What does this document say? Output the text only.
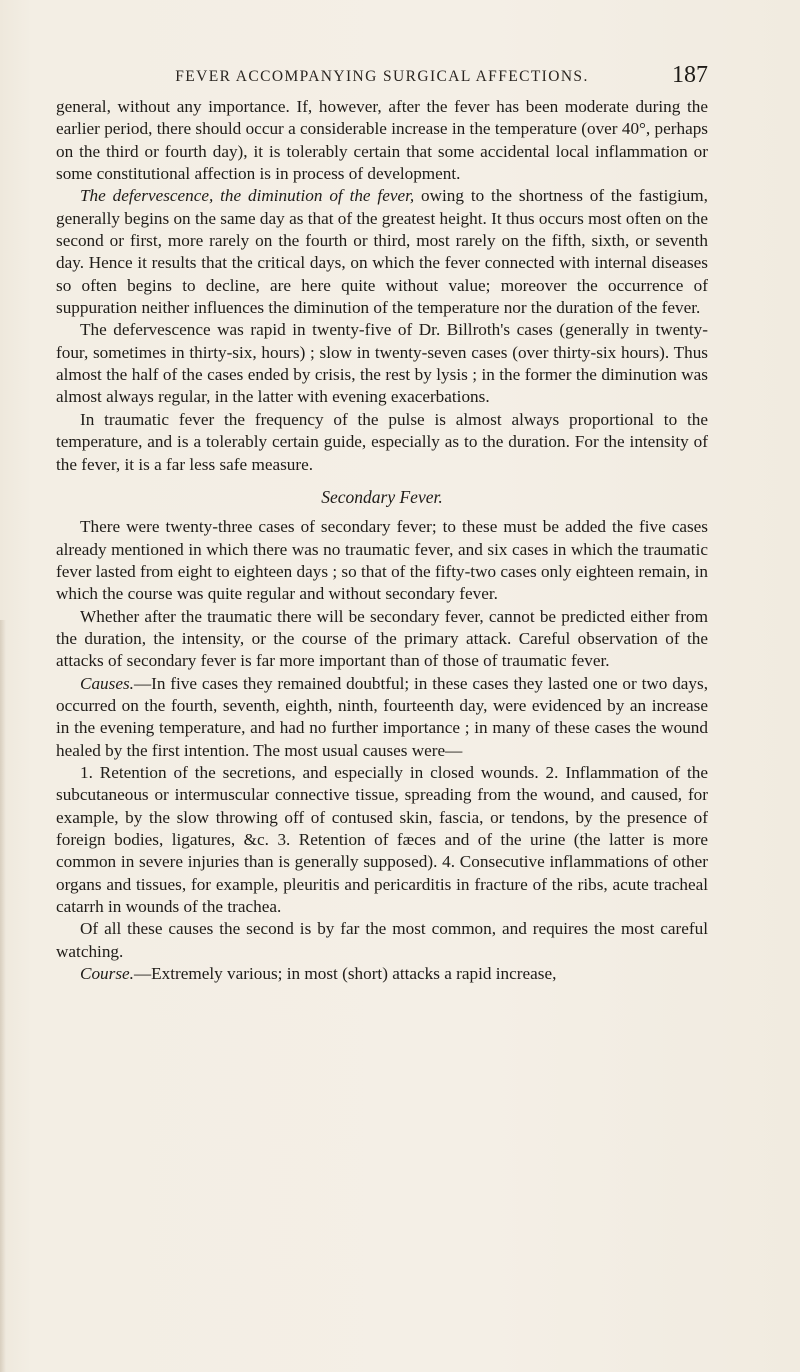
FEVER ACCOMPANYING SURGICAL AFFECTIONS.	187

general, without any importance. If, however, after the fever has been moderate during the earlier period, there should occur a considerable increase in the temperature (over 40°, perhaps on the third or fourth day), it is tolerably certain that some accidental local inflammation or some constitutional affection is in process of development.

The defervescence, the diminution of the fever, owing to the shortness of the fastigium, generally begins on the same day as that of the greatest height. It thus occurs most often on the second or first, more rarely on the fourth or third, most rarely on the fifth, sixth, or seventh day. Hence it results that the critical days, on which the fever connected with internal diseases so often begins to decline, are here quite without value; moreover the occurrence of suppuration neither influences the diminution of the temperature nor the duration of the fever.

The defervescence was rapid in twenty-five of Dr. Billroth's cases (generally in twenty-four, sometimes in thirty-six, hours) ; slow in twenty-seven cases (over thirty-six hours). Thus almost the half of the cases ended by crisis, the rest by lysis ; in the former the diminution was almost always regular, in the latter with evening exacerbations.

In traumatic fever the frequency of the pulse is almost always proportional to the temperature, and is a tolerably certain guide, especially as to the duration. For the intensity of the fever, it is a far less safe measure.

Secondary Fever.

There were twenty-three cases of secondary fever; to these must be added the five cases already mentioned in which there was no traumatic fever, and six cases in which the traumatic fever lasted from eight to eighteen days ; so that of the fifty-two cases only eighteen remain, in which the course was quite regular and without secondary fever.

Whether after the traumatic there will be secondary fever, cannot be predicted either from the duration, the intensity, or the course of the primary attack. Careful observation of the attacks of secondary fever is far more important than of those of traumatic fever.

Causes.—In five cases they remained doubtful; in these cases they lasted one or two days, occurred on the fourth, seventh, eighth, ninth, fourteenth day, were evidenced by an increase in the evening temperature, and had no further importance ; in many of these cases the wound healed by the first intention. The most usual causes were—

1. Retention of the secretions, and especially in closed wounds. 2. Inflammation of the subcutaneous or intermuscular connective tissue, spreading from the wound, and caused, for example, by the slow throwing off of contused skin, fascia, or tendons, by the presence of foreign bodies, ligatures, &c. 3. Retention of fæces and of the urine (the latter is more common in severe injuries than is generally supposed). 4. Consecutive inflammations of other organs and tissues, for example, pleuritis and pericarditis in fracture of the ribs, acute tracheal catarrh in wounds of the trachea.

Of all these causes the second is by far the most common, and requires the most careful watching.

Course.—Extremely various; in most (short) attacks a rapid increase,
